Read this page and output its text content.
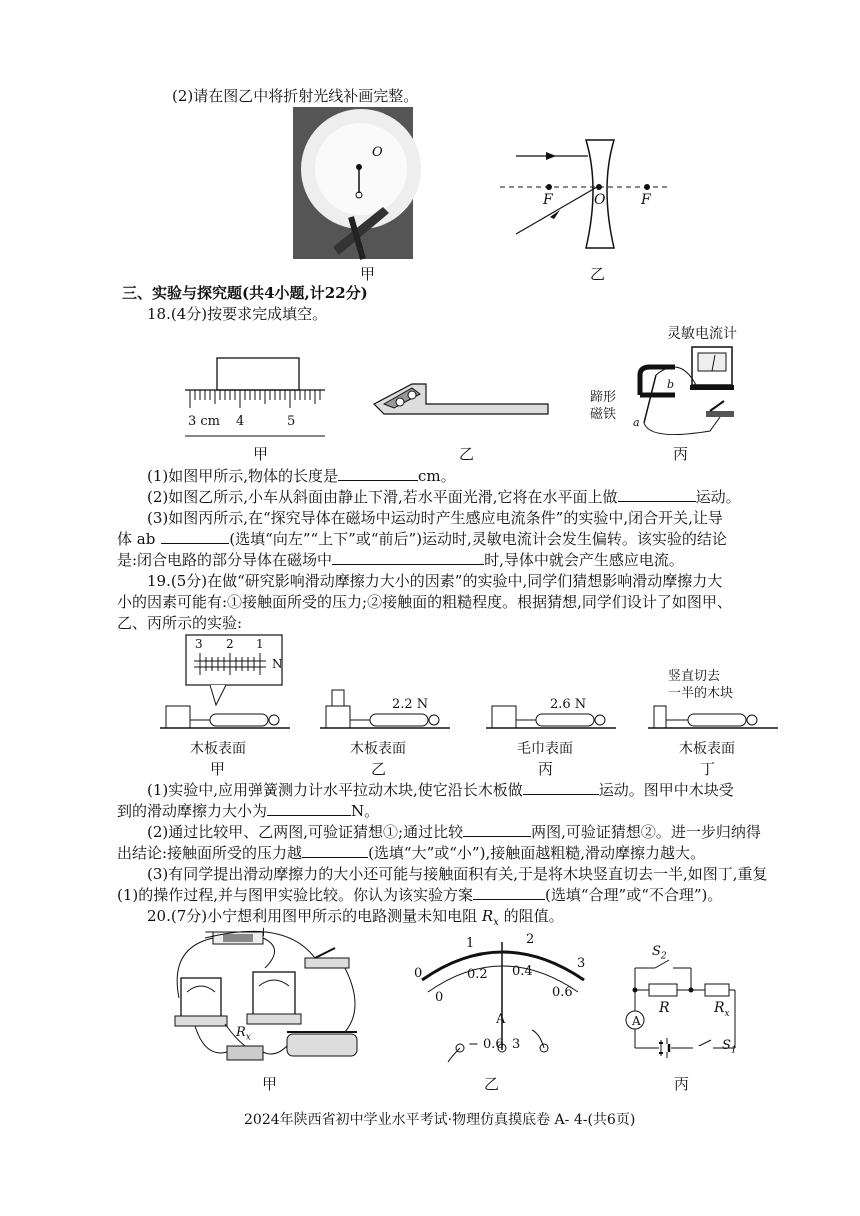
(2)请在图乙中将折射光线补画完整。
O
F	O	F
甲	乙
三、实验与探究题(共4小题,计22分)
18.(4分)按要求完成填空。
3 cm 4	5
甲	乙
灵敏电流计
蹄形
磁铁
a
b
丙
(1)如图甲所示,物体的长度是	cm。
(2)如图乙所示,小车从斜面由静止下滑,若水平面光滑,它将在水平面上做	运动。
(3)如图丙所示,在“探究导体在磁场中运动时产生感应电流条件”的实验中,闭合开关,让导
体 ab	(选填“向左”“上下”或“前后”)运动时,灵敏电流计会发生偏转。该实验的结论
是:闭合电路的部分导体在磁场中	时,导体中就会产生感应电流。
19.(5分)在做“研究影响滑动摩擦力大小的因素”的实验中,同学们猜想影响滑动摩擦力大
小的因素可能有:①接触面所受的压力;②接触面的粗糙程度。根据猜想,同学们设计了如图甲、
乙、丙所示的实验:
3 2 1
N
竖直切去
一半的木块
2.2 N	2.6 N
木板表面	木板表面	毛巾表面	木板表面
甲	乙	丙	丁
(1)实验中,应用弹簧测力计水平拉动木块,使它沿长木板做	运动。图甲中木块受
到的滑动摩擦力大小为	N。
(2)通过比较甲、乙两图,可验证猜想①;通过比较	两图,可验证猜想②。进一步归纳得
出结论:接触面所受的压力越	(选填“大”或“小”),接触面越粗糙,滑动摩擦力越大。
(3)有同学提出滑动摩擦力的大小还可能与接触面积有关,于是将木块竖直切去一半,如图丁,重复
(1)的操作过程,并与图甲实验比较。你认为该实验方案	(选填“合理”或“不合理”)。
20.(7分)小宁想利用图甲所示的电路测量未知电阻 $R_x$ 的阻值。
−	+
$R_x$
甲
0
1	2
3
0
0.2 0.4
0.6
A
− 0.6  3
乙
A
$S_2$
R	$R_x$
$S_1$
丙
2024年陕西省初中学业水平考试·物理仿真摸底卷 A- 4-(共6页)
